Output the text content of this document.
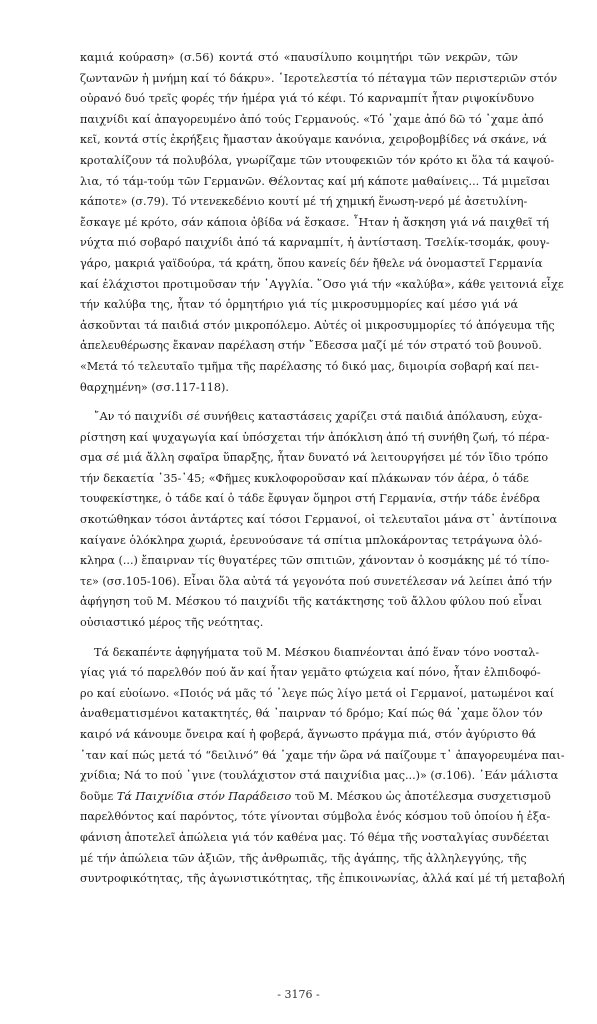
καμιά κούραση» (σ.56) κοντά στό «παυσίλυπο κοιμητήρι τῶν νεκρῶν, τῶν
ζωντανῶν ἡ μνήμη καί τό δάκρυ». ῾Ιεροτελεστία τό πέταγμα τῶν περιστεριῶν στόν
οὐρανό δυό τρεῖς φορές τήν ἡμέρα γιά τό κέφι. Τό καρναμπίτ ἦταν ριψοκίνδυνο
παιχνίδι καί ἀπαγορευμένο ἀπό τούς Γερμανούς. «Τό ᾽χαμε ἀπό δῶ τό ᾽χαμε ἀπό
κεῖ, κοντά στίς ἐκρήξεις ἤμασταν ἀκούγαμε κανόνια, χειροβομβίδες νά σκάνε, νά
κροταλίζουν τά πολυβόλα, γνωρίζαμε τῶν ντουφεκιῶν τόν κρότο κι ὅλα τά καψού-
λια, τό τάμ-τούμ τῶν Γερμανῶν. Θέλοντας καί μή κάποτε μαθαίνεις... Τά μιμεῖσαι
κάποτε» (σ.79). Τό ντενεκεδένιο κουτί μέ τή χημική ἕνωση-νερό μέ ἀσετυλίνη-
ἔσκαγε μέ κρότο, σάν κάποια ὀβίδα νά ἔσκασε. ῏Ηταν ἡ ἄσκηση γιά νά παιχθεῖ τή
νύχτα πιό σοβαρό παιχνίδι ἀπό τά καρναμπίτ, ἡ ἀντίσταση. Τσελίκ-τσομάκ, φουγ-
γάρο, μακριά γαϊδούρα, τά κράτη, ὅπου κανείς δέν ἤθελε νά ὀνομαστεῖ Γερμανία
καί ἐλάχιστοι προτιμοῦσαν τήν ᾽Αγγλία. ῞Οσο γιά τήν «καλύβα», κάθε γειτονιά εἶχε
τήν καλύβα της, ἦταν τό ὁρμητήριο γιά τίς μικροσυμμορίες καί μέσο γιά νά
ἀσκοῦνται τά παιδιά στόν μικροπόλεμο. Αὐτές οἱ μικροσυμμορίες τό ἀπόγευμα τῆς
ἀπελευθέρωσης ἔκαναν παρέλαση στήν ῎Εδεσσα μαζί μέ τόν στρατό τοῦ βουνοῦ.
«Μετά τό τελευταῖο τμῆμα τῆς παρέλασης τό δικό μας, διμοιρία σοβαρή καί πει-
θαρχημένη» (σσ.117-118).
῎Αν τό παιχνίδι σέ συνήθεις καταστάσεις χαρίζει στά παιδιά ἀπόλαυση, εὐχα-
ρίστηση καί ψυχαγωγία καί ὑπόσχεται τήν ἀπόκλιση ἀπό τή συνήθη ζωή, τό πέρα-
σμα σέ μιά ἄλλη σφαῖρα ὕπαρξης, ἦταν δυνατό νά λειτουργήσει μέ τόν ἴδιο τρόπο
τήν δεκαετία ᾽35-᾽45; «Φῆμες κυκλοφοροῦσαν καί πλάκωναν τόν ἀέρα, ὁ τάδε
τουφεκίστηκε, ὁ τάδε καί ὁ τάδε ἔφυγαν ὅμηροι στή Γερμανία, στήν τάδε ἐνέδρα
σκοτώθηκαν τόσοι ἀντάρτες καί τόσοι Γερμανοί, οἱ τελευταῖοι μάνα στ᾽ ἀντίποινα
καίγανε ὁλόκληρα χωριά, ἐρευνούσανε τά σπίτια μπλοκάροντας τετράγωνα ὁλό-
κληρα (...) ἔπαιρναν τίς θυγατέρες τῶν σπιτιῶν, χάνονταν ὁ κοσμάκης μέ τό τίπο-
τε» (σσ.105-106). Εἶναι ὅλα αὐτά τά γεγονότα πού συνετέλεσαν νά λείπει ἀπό τήν
ἀφήγηση τοῦ Μ. Μέσκου τό παιχνίδι τῆς κατάκτησης τοῦ ἄλλου φύλου πού εἶναι
οὐσιαστικό μέρος τῆς νεότητας.
Τά δεκαπέντε ἀφηγήματα τοῦ Μ. Μέσκου διαπνέονται ἀπό ἕναν τόνο νοσταλ-
γίας γιά τό παρελθόν πού ἄν καί ἦταν γεμᾶτο φτώχεια καί πόνο, ἦταν ἐλπιδοφό-
ρο καί εὐοίωνο. «Ποιός νά μᾶς τό ᾽λεγε πώς λίγο μετά οἱ Γερμανοί, ματωμένοι καί
ἀναθεματισμένοι κατακτητές, θά ᾽παιρναν τό δρόμο; Καί πώς θά ᾽χαμε ὅλον τόν
καιρό νά κάνουμε ὄνειρα καί ἡ φοβερά, ἄγνωστο πράγμα πιά, στόν ἀγύριστο θά
᾽ταν καί πώς μετά τό “δειλινό” θά ᾽χαμε τήν ὥρα νά παίζουμε τ᾽ ἀπαγορευμένα παι-
χνίδια; Νά το πού ᾽γινε (τουλάχιστον στά παιχνίδια μας...)» (σ.106). ᾽Εάν μάλιστα
δοῦμε Τά Παιχνίδια στόν Παράδεισο τοῦ Μ. Μέσκου ὡς ἀποτέλεσμα συσχετισμοῦ
παρελθόντος καί παρόντος, τότε γίνονται σύμβολα ἑνός κόσμου τοῦ ὁποίου ἡ ἐξα-
φάνιση ἀποτελεῖ ἀπώλεια γιά τόν καθένα μας. Τό θέμα τῆς νοσταλγίας συνδέεται
μέ τήν ἀπώλεια τῶν ἀξιῶν, τῆς ἀνθρωπιᾶς, τῆς ἀγάπης, τῆς ἀλληλεγγύης, τῆς
συντροφικότητας, τῆς ἀγωνιστικότητας, τῆς ἐπικοινωνίας, ἀλλά καί μέ τή μεταβολή
- 3176 -
